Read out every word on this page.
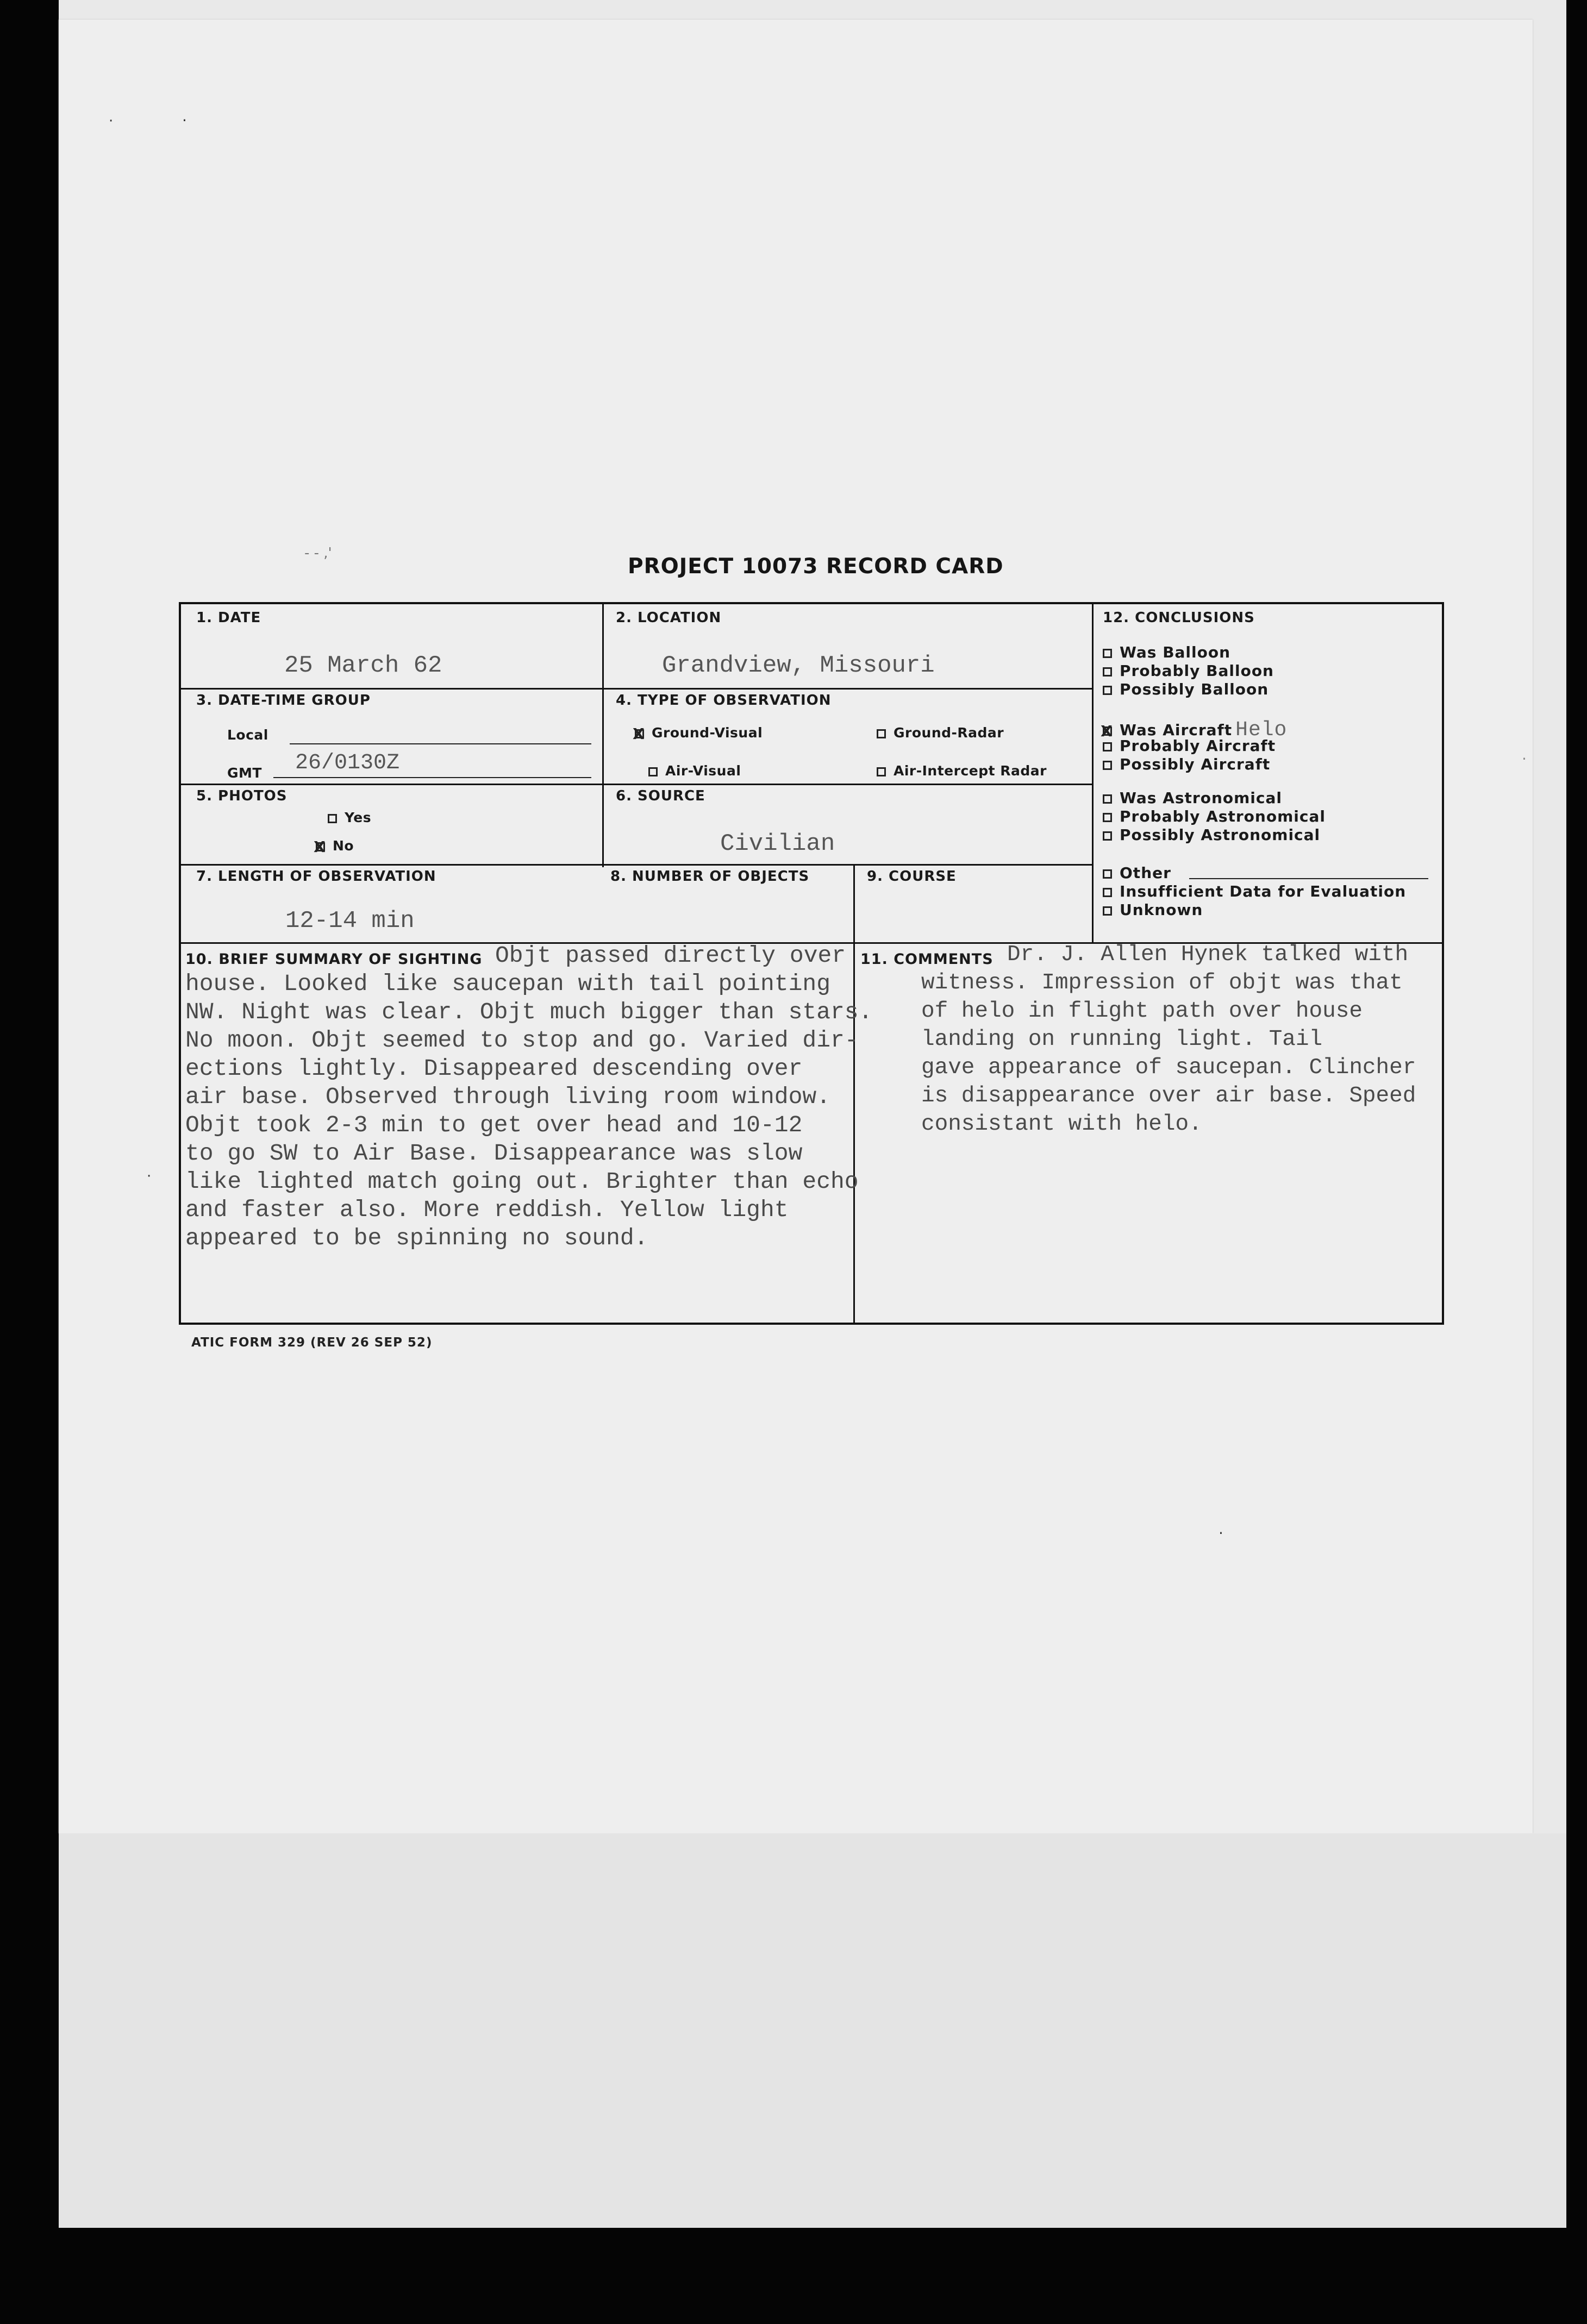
·	·
- - ,'
·
·
·
PROJECT 10073 RECORD CARD
1. DATE
25 March 62
2. LOCATION
Grandview, Missouri
3. DATE-TIME GROUP
Local
GMT 26/0130Z
4. TYPE OF OBSERVATION
XGround-Visual	Ground-Radar
Air-Visual	Air-Intercept Radar
5. PHOTOS
Yes
XNo
6. SOURCE
Civilian
7. LENGTH OF OBSERVATION
12-14 min
8. NUMBER OF OBJECTS	9. COURSE
12. CONCLUSIONS
Was Balloon
Probably Balloon
Possibly Balloon
XWas Aircraft Helo
Probably Aircraft
Possibly Aircraft
Was Astronomical
Probably Astronomical
Possibly Astronomical
Other
Insufficient Data for Evaluation
Unknown
10. BRIEF SUMMARY OF SIGHTING Objt passed directly over
house. Looked like saucepan with tail pointing
NW. Night was clear. Objt much bigger than stars.
No moon. Objt seemed to stop and go. Varied dir-
ections lightly. Disappeared descending over
air base. Observed through living room window.
Objt took 2-3 min to get over head and 10-12
to go SW to Air Base. Disappearance was slow
like lighted match going out. Brighter than echo
and faster also. More reddish. Yellow light
appeared to be spinning no sound.
11. COMMENTS Dr. J. Allen Hynek talked with
witness. Impression of objt was that
of helo in flight path over house
landing on running light. Tail
gave appearance of saucepan. Clincher
is disappearance over air base. Speed
consistant with helo.
ATIC FORM 329 (REV 26 SEP 52)
